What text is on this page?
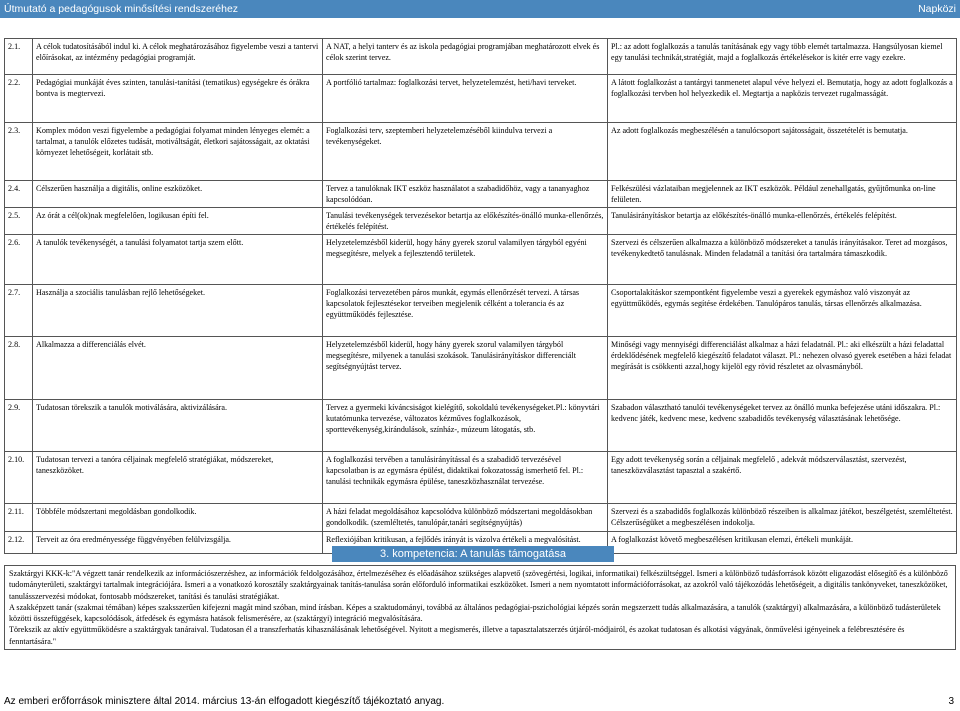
Útmutató a pedagógusok minősítési rendszeréhez	Napközi
2.1.	A célok tudatosításából indul ki. A célok meghatározásához figyelembe veszi a tantervi előírásokat, az intézmény pedagógiai programját.	A NAT, a helyi tanterv és az iskola pedagógiai programjában meghatározott elvek és célok szerint tervez.	Pl.: az adott foglalkozás a tanulás tanításának egy vagy több elemét tartalmazza. Hangsúlyosan kiemel egy tanulási technikát,stratégiát, majd a foglalkozás értékelésekor is kitér erre vagy ezekre.
2.2.	Pedagógiai munkáját éves szinten, tanulási-tanítási (tematikus) egységekre és órákra bontva is megtervezi.	A portfólió tartalmaz: foglalkozási tervet, helyzetelemzést, heti/havi terveket.	A látott foglalkozást a tantárgyi tanmenetet alapul véve helyezi el. Bemutatja, hogy az adott foglalkozás a foglalkozási tervben hol helyezkedik el. Megtartja a napközis tervezet rugalmasságát.
2.3.	Komplex módon veszi figyelembe a pedagógiai folyamat minden lényeges elemét: a tartalmat, a tanulók előzetes tudását, motiváltságát, életkori sajátosságait, az oktatási környezet lehetőségeit, korlátait stb.	Foglalkozási terv, szeptemberi helyzetelemzéséből kiindulva tervezi a tevékenységeket.	Az adott foglalkozás megbeszélésén a tanulócsoport sajátosságait, összetételét is bemutatja.
2.4.	Célszerűen használja a digitális, online eszközöket.	Tervez a tanulóknak IKT eszköz használatot a szabadidőhöz, vagy a tananyaghoz kapcsolódóan.	Felkészülési vázlataiban megjelennek az IKT eszközök. Például zenehallgatás, gyűjtőmunka on-line felületen.
2.5.	Az órát a cél(ok)nak megfelelően, logikusan építi fel.	Tanulási tevékenységek tervezésekor betartja az előkészítés-önálló munka-ellenőrzés, értékelés felépítést.	Tanulásirányításkor betartja az előkészítés-önálló munka-ellenőrzés, értékelés felépítést.
2.6.	A tanulók tevékenységét, a tanulási folyamatot tartja szem előtt.	Helyzetelemzésből kiderül, hogy hány gyerek szorul valamilyen tárgyból egyéni megsegítésre, melyek a fejlesztendő területek.	Szervezi és célszerűen alkalmazza a különböző módszereket a tanulás irányításakor. Teret ad mozgásos, tevékenykedtető tanulásnak. Minden feladatnál a tanítási óra tartalmára támaszkodik.
2.7.	Használja a szociális tanulásban rejlő lehetőségeket.	Foglalkozási tervezetében páros munkát, egymás ellenőrzését tervezi. A társas kapcsolatok fejlesztésekor terveiben megjelenik célként a tolerancia és az együttműködés fejlesztése.	Csoportalakításkor szempontként figyelembe veszi a gyerekek egymáshoz való viszonyát az együttműködés, egymás segítése érdekében. Tanulópáros tanulás, társas ellenőrzés alkalmazása.
2.8.	Alkalmazza a differenciálás elvét.	Helyzetelemzésből kiderül, hogy hány gyerek szorul valamilyen tárgyból megsegítésre, milyenek a tanulási szokások. Tanulásirányításkor differenciált segítségnyújtást tervez.	Minőségi vagy mennyiségi differenciálást alkalmaz a házi feladatnál. Pl.: aki elkészült a házi feladattal érdeklődésének megfelelő kiegészítő feladatot választ. Pl.: nehezen olvasó gyerek esetében a házi feladat megírását is csökkenti azzal,hogy kijelöl egy rövid részletet az olvasmányból.
2.9.	Tudatosan törekszik a tanulók motiválására, aktivizálására.	Tervez a gyermeki kíváncsiságot kielégítő, sokoldalú tevékenységeket.Pl.: könyvtári kutatómunka tervezése, változatos kézműves foglalkozások, sporttevékenység,kirándulások, színház-, múzeum látogatás, stb.	Szabadon választható tanulói tevékenységeket tervez az önálló munka befejezése utáni időszakra. Pl.: kedvenc játék, kedvenc mese, kedvenc szabadidős tevékenység választásának lehetősége.
2.10.	Tudatosan tervezi a tanóra céljainak megfelelő stratégiákat, módszereket, taneszközöket.	A foglalkozási tervében a tanulásirányítással és a szabadidő tervezésével kapcsolatban is az egymásra épülést, didaktikai fokozatosság ismerhető fel. Pl.: tanulási technikák egymásra épülése, taneszközhasználat tervezése.	Egy adott tevékenység során a céljainak megfelelő , adekvát módszerválasztást, szervezést, taneszközválasztást tapasztal a szakértő.
2.11.	Többféle módszertani megoldásban gondolkodik.	A házi feladat megoldásához kapcsolódva különböző módszertani megoldásokban gondolkodik. (szemléltetés, tanulópár,tanári segítségnyújtás)	Szervezi és a szabadidős foglalkozás különböző részeiben is alkalmaz játékot, beszélgetést, szemléltetést. Célszerűségüket a megbeszélésen indokolja.
2.12.	Terveit az óra eredményessége függvényében felülvizsgálja.	Reflexiójában kritikusan, a fejlődés irányát is vázolva értékeli a megvalósítást.	A foglalkozást követő megbeszélésen kritikusan elemzi, értékeli munkáját.
3. kompetencia: A tanulás támogatása

Szaktárgyi KKK-k:"A végzett tanár rendelkezik az információszerzéshez, az információk feldolgozásához, értelmezéséhez és előadásához szükséges alapvető (szövegértési, logikai, informatikai) felkészültséggel. Ismeri a különböző tudásforrások között eligazodást elősegítő és a különböző tudományterületi, szaktárgyi tartalmak integrációjára. Ismeri a a vonatkozó korosztály szaktárgyainak tanítás-tanulása során előforduló informatikai eszközöket. Ismeri a nem nyomtatott információforrásokat, az azokról való tájékozódás lehetőségeit, a digitális tankönyveket, taneszközöket, tanulásszervezési módokat, fontosabb módszereket, tanítási és tanulási stratégiákat.

A szakképzett tanár (szakmai témában) képes szaksszerűen kifejezni magát mind szóban, mind írásban. Képes a szaktudományi, továbbá az általános pedagógiai-pszichológiai képzés során megszerzett tudás alkalmazására, a tanulók (szaktárgyi) alkalmazására, a különböző tudásterületek közötti összefüggések, kapcsolódások, átfedések és egymásra hatások felismerésére, az (szaktárgyi) integráció megvalósítására.

Törekszik az aktív együttműködésre a szaktárgyak tanáraival. Tudatosan él a transzferhatás kihasználásának lehetőségével. Nyitott a megismerés, illetve a tapasztalatszerzés útjáról-módjairól, és azokat tudatosan és alkotási vágyának, önművelési igényeinek a felébresztésére és fenntartására."

Az emberi erőforrások minisztere által 2014. március 13-án elfogadott kiegészítő tájékoztató anyag.	3
